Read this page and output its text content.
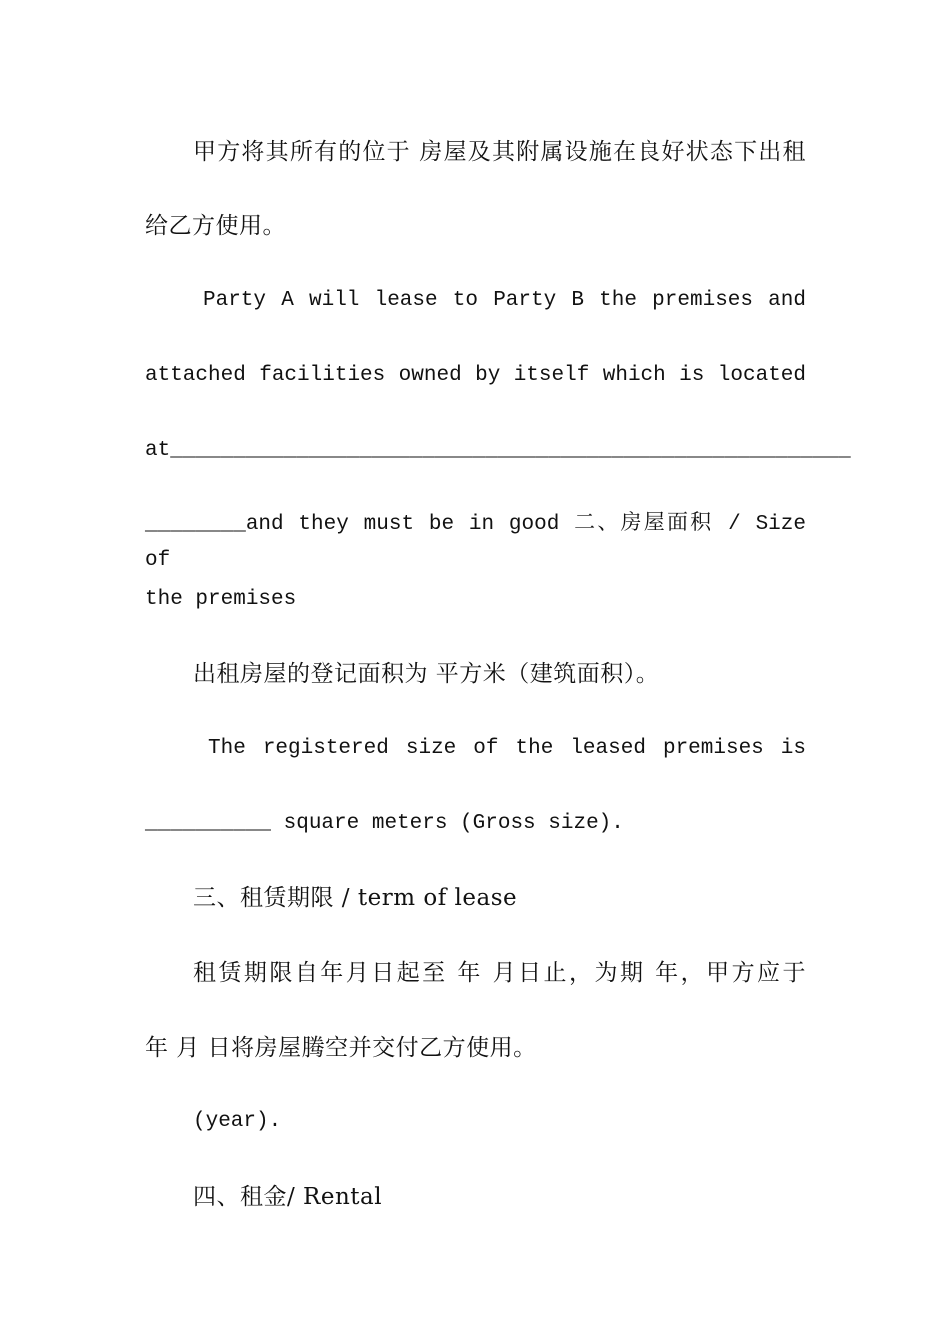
甲方将其所有的位于 房屋及其附属设施在良好状态下出租
给乙方使用。
Party A will lease to Party B the premises and
attached facilities owned by itself which is located
at______________________________________________________
________and they must be in good 二、房屋面积 / Size of
the premises
出租房屋的登记面积为 平方米（建筑面积）。
The registered size of the leased premises is
__________ square meters (Gross size).
三、租赁期限 / term of lease
租赁期限自年月日起至 年 月日止，为期 年，甲方应于
年 月 日将房屋腾空并交付乙方使用。
(year).
四、租金/ Rental
